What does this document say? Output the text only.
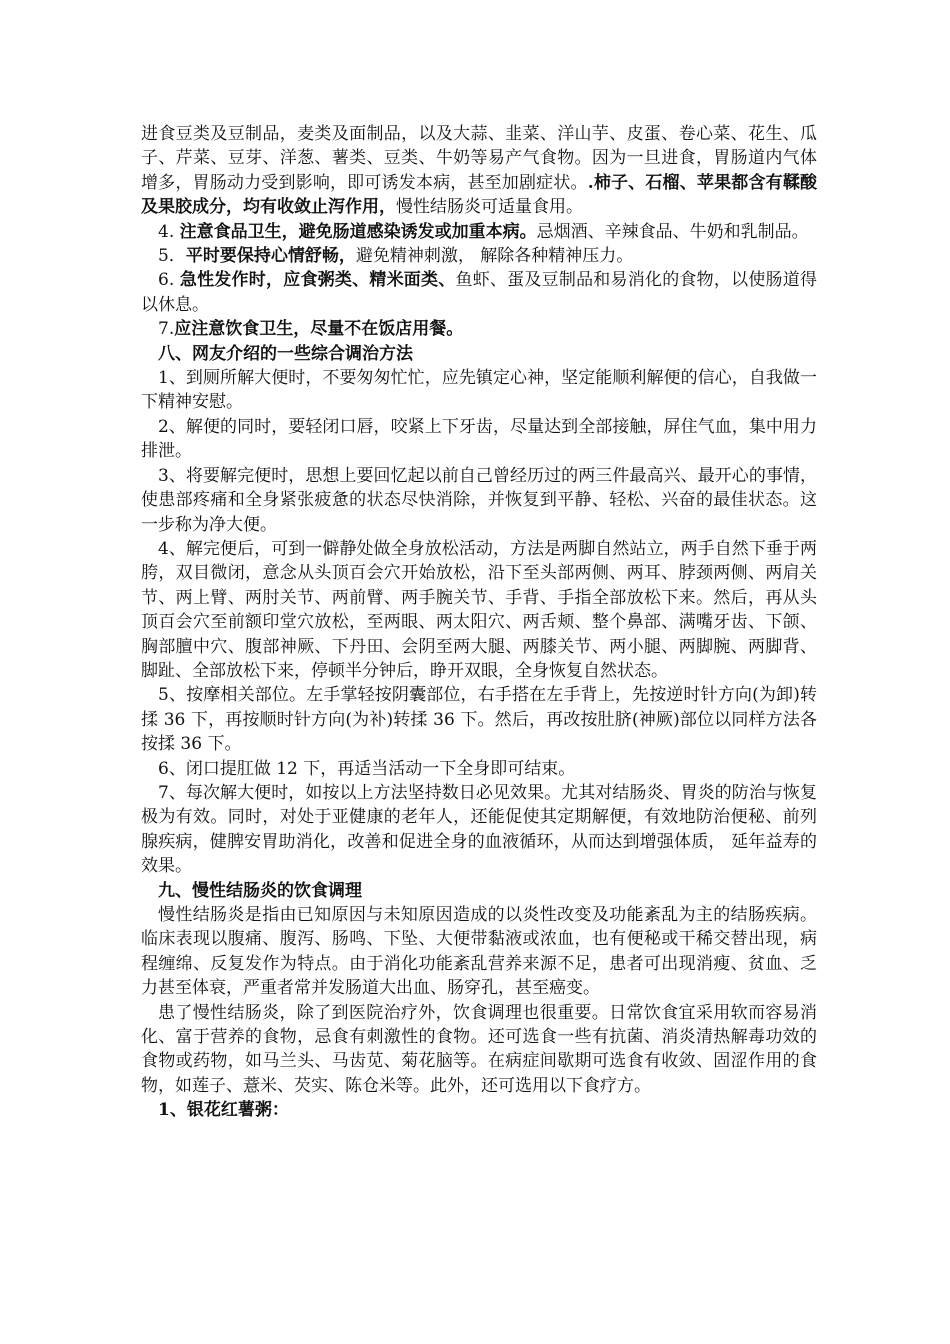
进食豆类及豆制品，麦类及面制品，以及大蒜、韭菜、洋山芋、皮蛋、卷心菜、花生、瓜子、芹菜、豆芽、洋葱、薯类、豆类、牛奶等易产气食物。因为一旦进食，胃肠道内气体增多，胃肠动力受到影响，即可诱发本病，甚至加剧症状。.柿子、石榴、苹果都含有鞣酸及果胶成分，均有收敛止泻作用，慢性结肠炎可适量食用。

4. 注意食品卫生，避免肠道感染诱发或加重本病。忌烟酒、辛辣食品、牛奶和乳制品。

5．平时要保持心情舒畅，避免精神刺激， 解除各种精神压力。

6. 急性发作时，应食粥类、精米面类、鱼虾、蛋及豆制品和易消化的食物，以使肠道得以休息。

7.应注意饮食卫生，尽量不在饭店用餐。

八、网友介绍的一些综合调治方法

1、到厕所解大便时，不要匆匆忙忙，应先镇定心神，坚定能顺利解便的信心，自我做一下精神安慰。

2、解便的同时，要轻闭口唇，咬紧上下牙齿，尽量达到全部接触，屏住气血，集中用力排泄。

3、将要解完便时，思想上要回忆起以前自己曾经历过的两三件最高兴、最开心的事情，使患部疼痛和全身紧张疲惫的状态尽快消除，并恢复到平静、轻松、兴奋的最佳状态。这一步称为净大便。

4、解完便后，可到一僻静处做全身放松活动，方法是两脚自然站立，两手自然下垂于两胯，双目微闭，意念从头顶百会穴开始放松，沿下至头部两侧、两耳、脖颈两侧、两肩关节、两上臂、两肘关节、两前臂、两手腕关节、手背、手指全部放松下来。然后，再从头顶百会穴至前额印堂穴放松，至两眼、两太阳穴、两舌颊、整个鼻部、满嘴牙齿、下颌、胸部膻中穴、腹部神厥、下丹田、会阴至两大腿、两膝关节、两小腿、两脚腕、两脚背、脚趾、全部放松下来，停顿半分钟后，睁开双眼，全身恢复自然状态。

5、按摩相关部位。左手掌轻按阴囊部位，右手搭在左手背上，先按逆时针方向(为卸)转揉 36 下，再按顺时针方向(为补)转揉 36 下。然后，再改按肚脐(神厥)部位以同样方法各按揉 36 下。

6、闭口提肛做 12 下，再适当活动一下全身即可结束。

7、每次解大便时，如按以上方法坚持数日必见效果。尤其对结肠炎、胃炎的防治与恢复极为有效。同时，对处于亚健康的老年人，还能促使其定期解便，有效地防治便秘、前列腺疾病，健脾安胃助消化，改善和促进全身的血液循环，从而达到增强体质， 延年益寿的效果。

九、慢性结肠炎的饮食调理

慢性结肠炎是指由已知原因与未知原因造成的以炎性改变及功能紊乱为主的结肠疾病。临床表现以腹痛、腹泻、肠鸣、下坠、大便带黏液或浓血，也有便秘或干稀交替出现，病程缠绵、反复发作为特点。由于消化功能紊乱营养来源不足，患者可出现消瘦、贫血、乏力甚至体衰，严重者常并发肠道大出血、肠穿孔，甚至癌变。

患了慢性结肠炎，除了到医院治疗外，饮食调理也很重要。日常饮食宜采用软而容易消化、富于营养的食物，忌食有刺激性的食物。还可选食一些有抗菌、消炎清热解毒功效的食物或药物，如马兰头、马齿苋、菊花脑等。在病症间歇期可选食有收敛、固涩作用的食物，如莲子、薏米、芡实、陈仓米等。此外，还可选用以下食疗方。

1、银花红薯粥：
